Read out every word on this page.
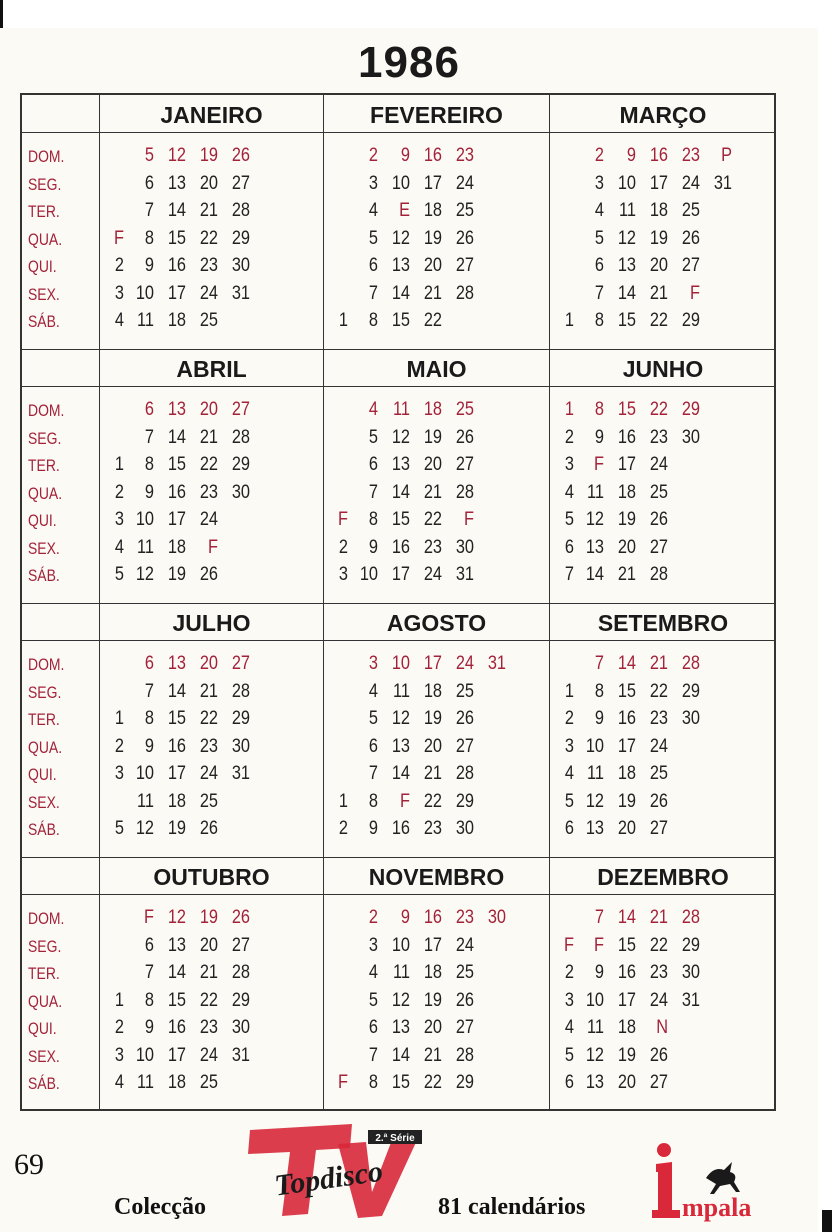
1986
DOM.
SEG.
TER.
QUA.
QUI.
SEX.
SÁB.
JANEIRO
F
2
3
4
5
6
7
8
9
10
11
12
13
14
15
16
17
18
19
20
21
22
23
24
25
26
27
28
29
30
31
FEVEREIRO
1
2
3
4
5
6
7
8
9
10
E
12
13
14
15
16
17
18
19
20
21
22
23
24
25
26
27
28
MARÇO
1
2
3
4
5
6
7
8
9
10
11
12
13
14
15
16
17
18
19
20
21
22
23
24
25
26
27
F
29
P
31
DOM.
SEG.
TER.
QUA.
QUI.
SEX.
SÁB.
ABRIL
1
2
3
4
5
6
7
8
9
10
11
12
13
14
15
16
17
18
19
20
21
22
23
24
F
26
27
28
29
30
MAIO
F
2
3
4
5
6
7
8
9
10
11
12
13
14
15
16
17
18
19
20
21
22
23
24
25
26
27
28
F
30
31
JUNHO
1
2
3
4
5
6
7
8
9
F
11
12
13
14
15
16
17
18
19
20
21
22
23
24
25
26
27
28
29
30
DOM.
SEG.
TER.
QUA.
QUI.
SEX.
SÁB.
JULHO
1
2
3
5
6
7
8
9
10
11
12
13
14
15
16
17
18
19
20
21
22
23
24
25
26
27
28
29
30
31
AGOSTO
1
2
3
4
5
6
7
8
9
10
11
12
13
14
F
16
17
18
19
20
21
22
23
24
25
26
27
28
29
30
31
SETEMBRO
1
2
3
4
5
6
7
8
9
10
11
12
13
14
15
16
17
18
19
20
21
22
23
24
25
26
27
28
29
30
DOM.
SEG.
TER.
QUA.
QUI.
SEX.
SÁB.
OUTUBRO
1
2
3
4
F
6
7
8
9
10
11
12
13
14
15
16
17
18
19
20
21
22
23
24
25
26
27
28
29
30
31
NOVEMBRO
F
2
3
4
5
6
7
8
9
10
11
12
13
14
15
16
17
18
19
20
21
22
23
24
25
26
27
28
29
30
DEZEMBRO
F
2
3
4
5
6
7
F
9
10
11
12
13
14
15
16
17
18
19
20
21
22
23
24
N
26
27
28
29
30
31
69
Colecção	81 calendários
2.ª Série
Topdisco
mpala
